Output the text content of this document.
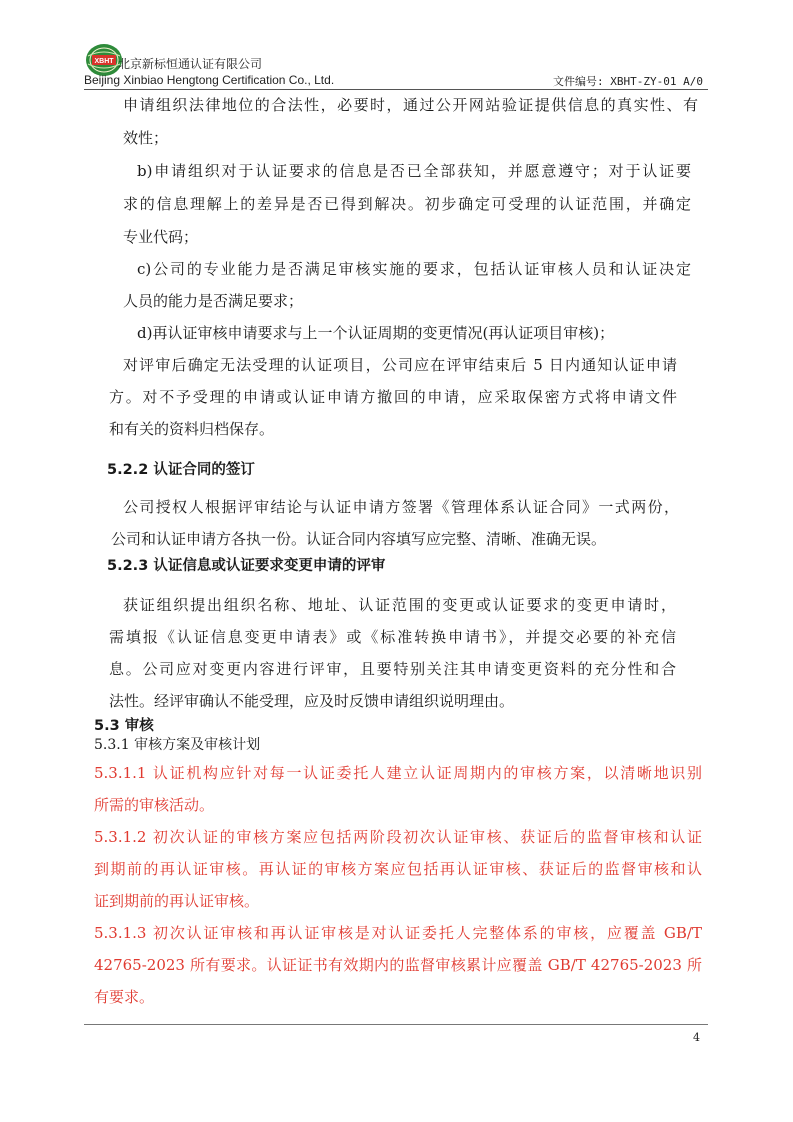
XBHT 北京新标恒通认证有限公司
Beijing Xinbiao Hengtong Certification Co., Ltd.	文件编号: XBHT-ZY-01 A/0
申请组织法律地位的合法性，必要时，通过公开网站验证提供信息的真实性、有
效性；
b)申请组织对于认证要求的信息是否已全部获知，并愿意遵守；对于认证要
求的信息理解上的差异是否已得到解决。初步确定可受理的认证范围，并确定
专业代码；
c)公司的专业能力是否满足审核实施的要求，包括认证审核人员和认证决定
人员的能力是否满足要求；
d)再认证审核申请要求与上一个认证周期的变更情况(再认证项目审核)；
对评审后确定无法受理的认证项目，公司应在评审结束后 5 日内通知认证申请
方。对不予受理的申请或认证申请方撤回的申请，应采取保密方式将申请文件
和有关的资料归档保存。
5.2.2 认证合同的签订
公司授权人根据评审结论与认证申请方签署《管理体系认证合同》一式两份，
公司和认证申请方各执一份。认证合同内容填写应完整、清晰、准确无误。
5.2.3 认证信息或认证要求变更申请的评审
获证组织提出组织名称、地址、认证范围的变更或认证要求的变更申请时，
需填报《认证信息变更申请表》或《标准转换申请书》，并提交必要的补充信
息。公司应对变更内容进行评审，且要特别关注其申请变更资料的充分性和合
法性。经评审确认不能受理，应及时反馈申请组织说明理由。
5.3 审核
5.3.1 审核方案及审核计划
5.3.1.1 认证机构应针对每一认证委托人建立认证周期内的审核方案，以清晰地识别
所需的审核活动。
5.3.1.2 初次认证的审核方案应包括两阶段初次认证审核、获证后的监督审核和认证
到期前的再认证审核。再认证的审核方案应包括再认证审核、获证后的监督审核和认
证到期前的再认证审核。
5.3.1.3 初次认证审核和再认证审核是对认证委托人完整体系的审核，应覆盖 GB/T
42765-2023 所有要求。认证证书有效期内的监督审核累计应覆盖 GB/T 42765-2023 所
有要求。
4
